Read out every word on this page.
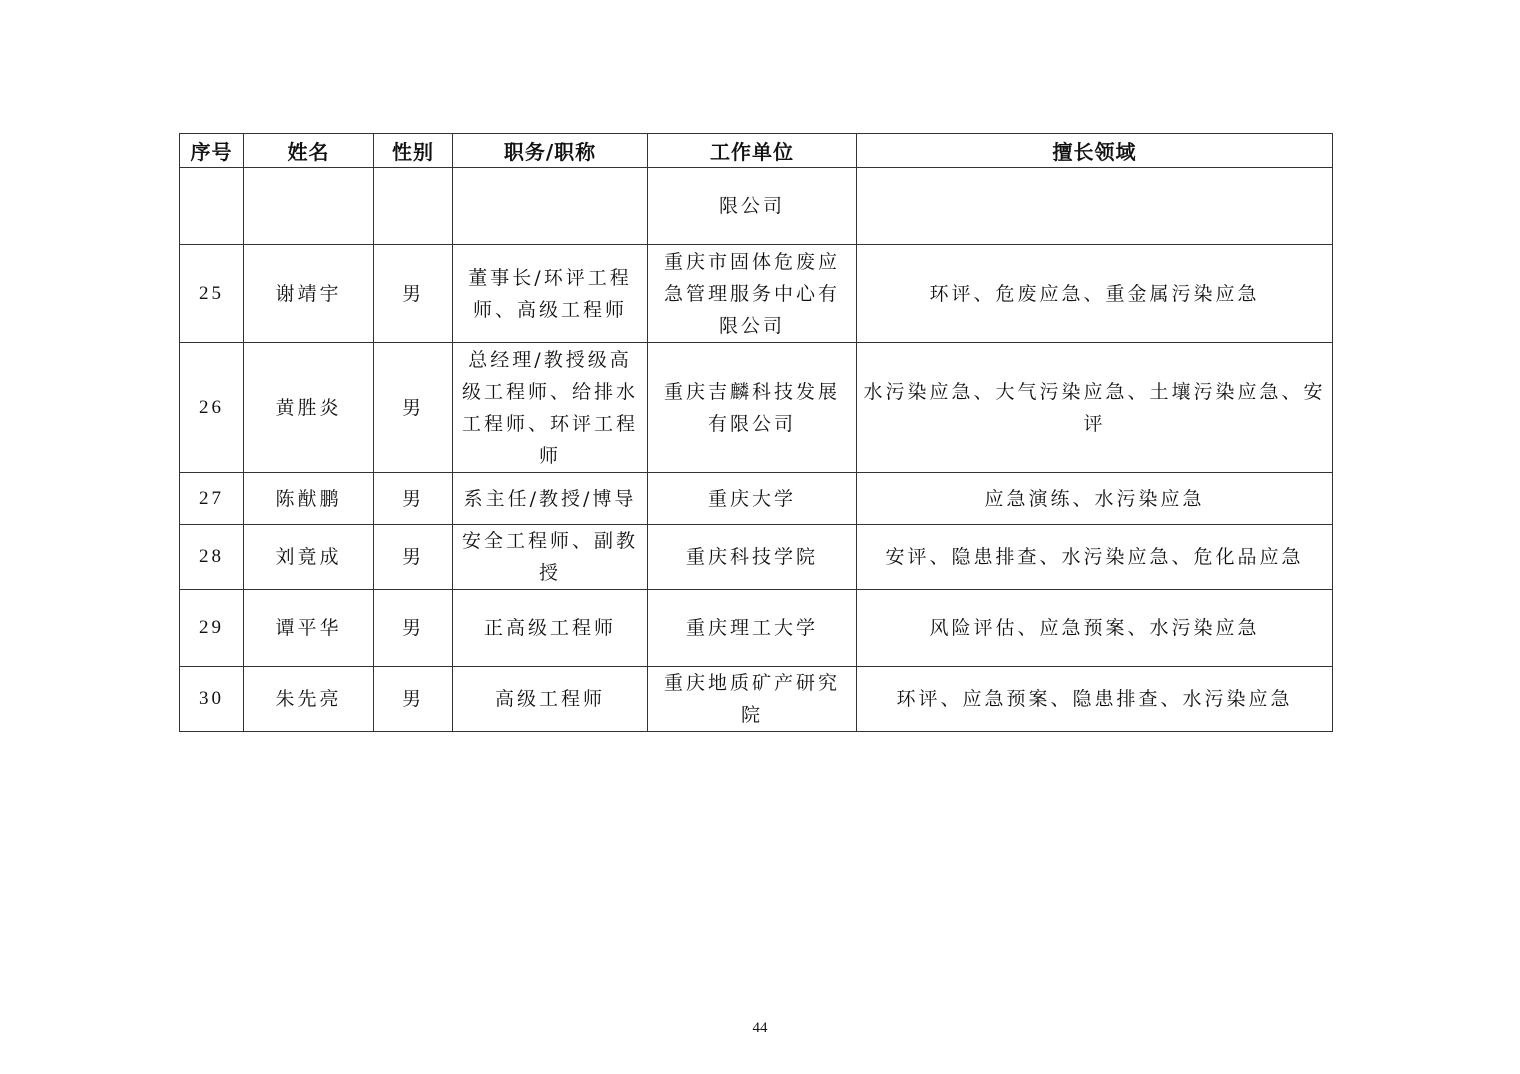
序号	姓名	性别	职务/职称	工作单位	擅长领域
				限公司	
25	谢靖宇	男	董事长/环评工程师、高级工程师	重庆市固体危废应急管理服务中心有限公司	环评、危废应急、重金属污染应急
26	黄胜炎	男	总经理/教授级高级工程师、给排水工程师、环评工程师	重庆吉麟科技发展有限公司	水污染应急、大气污染应急、土壤污染应急、安评
27	陈猷鹏	男	系主任/教授/博导	重庆大学	应急演练、水污染应急
28	刘竟成	男	安全工程师、副教授	重庆科技学院	安评、隐患排查、水污染应急、危化品应急
29	谭平华	男	正高级工程师	重庆理工大学	风险评估、应急预案、水污染应急
30	朱先亮	男	高级工程师	重庆地质矿产研究院	环评、应急预案、隐患排查、水污染应急
44
